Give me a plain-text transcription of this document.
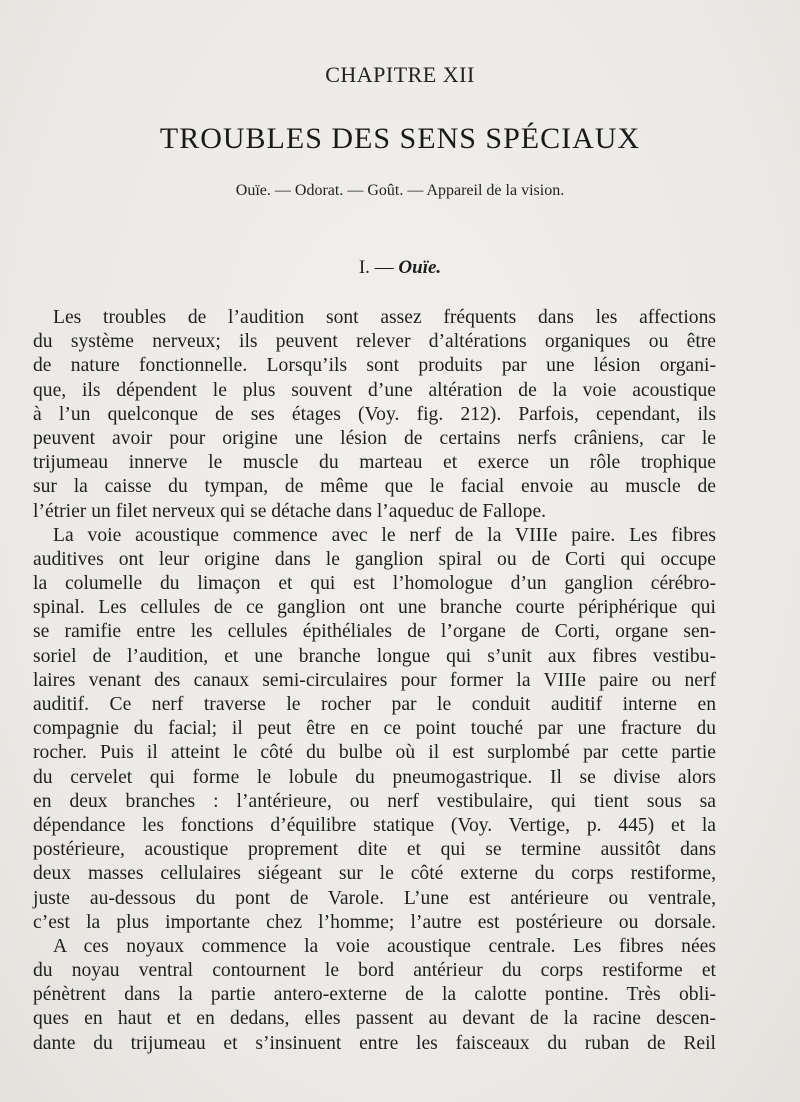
CHAPITRE XII
TROUBLES DES SENS SPÉCIAUX
Ouïe. — Odorat. — Goût. — Appareil de la vision.
I. — Ouïe.
Les troubles de l’audition sont assez fréquents dans les affections
du système nerveux; ils peuvent relever d’altérations organiques ou être
de nature fonctionnelle. Lorsqu’ils sont produits par une lésion organi-
que, ils dépendent le plus souvent d’une altération de la voie acoustique
à l’un quelconque de ses étages (Voy. fig. 212). Parfois, cependant, ils
peuvent avoir pour origine une lésion de certains nerfs crâniens, car le
trijumeau innerve le muscle du marteau et exerce un rôle trophique
sur la caisse du tympan, de même que le facial envoie au muscle de
l’étrier un filet nerveux qui se détache dans l’aqueduc de Fallope.
La voie acoustique commence avec le nerf de la VIIIe paire. Les fibres
auditives ont leur origine dans le ganglion spiral ou de Corti qui occupe
la columelle du limaçon et qui est l’homologue d’un ganglion cérébro-
spinal. Les cellules de ce ganglion ont une branche courte périphérique qui
se ramifie entre les cellules épithéliales de l’organe de Corti, organe sen-
soriel de l’audition, et une branche longue qui s’unit aux fibres vestibu-
laires venant des canaux semi-circulaires pour former la VIIIe paire ou nerf
auditif. Ce nerf traverse le rocher par le conduit auditif interne en
compagnie du facial; il peut être en ce point touché par une fracture du
rocher. Puis il atteint le côté du bulbe où il est surplombé par cette partie
du cervelet qui forme le lobule du pneumogastrique. Il se divise alors
en deux branches : l’antérieure, ou nerf vestibulaire, qui tient sous sa
dépendance les fonctions d’équilibre statique (Voy. Vertige, p. 445) et la
postérieure, acoustique proprement dite et qui se termine aussitôt dans
deux masses cellulaires siégeant sur le côté externe du corps restiforme,
juste au-dessous du pont de Varole. L’une est antérieure ou ventrale,
c’est la plus importante chez l’homme; l’autre est postérieure ou dorsale.
A ces noyaux commence la voie acoustique centrale. Les fibres nées
du noyau ventral contournent le bord antérieur du corps restiforme et
pénètrent dans la partie antero-externe de la calotte pontine. Très obli-
ques en haut et en dedans, elles passent au devant de la racine descen-
dante du trijumeau et s’insinuent entre les faisceaux du ruban de Reil
